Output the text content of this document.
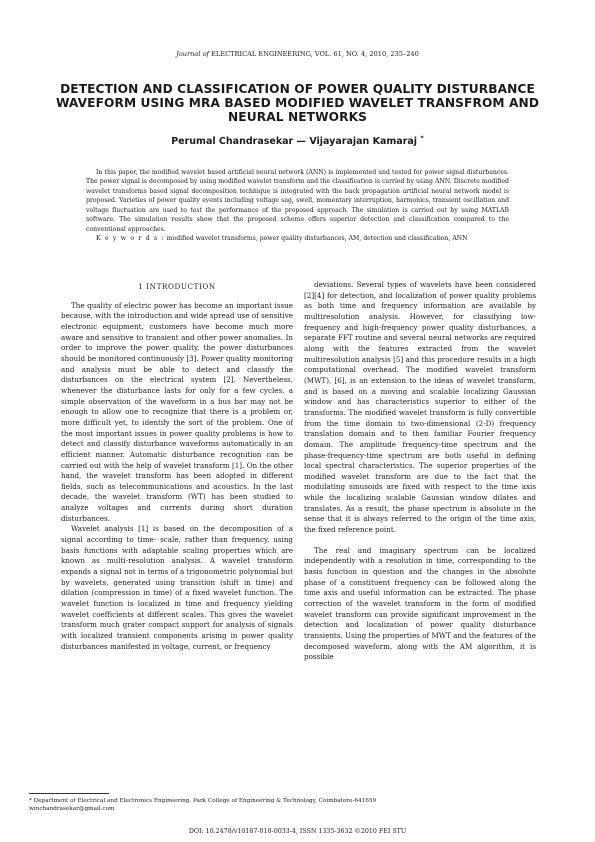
Journal of ELECTRICAL ENGINEERING, VOL. 61, NO. 4, 2010, 235–240
DETECTION AND CLASSIFICATION OF POWER QUALITY DISTURBANCE WAVEFORM USING MRA BASED MODIFIED WAVELET TRANSFROM AND NEURAL NETWORKS
Perumal Chandrasekar — Vijayarajan Kamaraj *

In this paper, the modified wavelet based artificial neural network (ANN) is implemented and tested for power signal disturbances. The power signal is decomposed by using modified wavelet transform and the classification is carried by using ANN. Discrete modified wavelet transforms based signal decomposition technique is integrated with the back propagation artificial neural network model is proposed. Varieties of power quality events including voltage sag, swell, momentary interruption, harmonics, transient oscillation and voltage fluctuation are used to test the performance of the proposed approach. The simulation is carried out by using MATLAB software. The simulation results show that the proposed scheme offers superior detection and classification compared to the conventional approaches.

K e y w o r d s : modified wavelet transforms, power quality disturbances, AM, detection and classification, ANN

1 INTRODUCTION

The quality of electric power has become an important issue because, with the introduction and wide spread use of sensitive electronic equipment, customers have become much more aware and sensitive to transient and other power anomalies. In order to improve the power quality, the power disturbances should be monitored continuously [3]. Power quality monitoring and analysis must be able to detect and classify the disturbances on the electrical system [2]. Nevertheless, whenever the disturbance lasts for only for a few cycles, a simple observation of the waveform in a bus bar may not be enough to allow one to recognize that there is a problem or, more difficult yet, to identify the sort of the problem. One of the most important issues in power quality problems is how to detect and classify disturbance waveforms automatically in an efficient manner. Automatic disturbance recognition can be carried out with the help of wavelet transform [1]. On the other hand, the wavelet transform has been adopted in different fields, such as telecommunications and acoustics. In the last decade, the wavelet transform (WT) has been studied to analyze voltages and currents during short duration disturbances.

Wavelet analysis [1] is based on the decomposition of a signal according to time- scale, rather than frequency, using basis functions with adaptable scaling properties which are known as multi-resolution analysis. A wavelet transform expands a signal not in terms of a trigonometric polynomial but by wavelets, generated using transition (shift in time) and dilation (compression in time) of a fixed wavelet function. The wavelet function is localized in time and frequency yielding wavelet coefficients at different scales. This gives the wavelet transform much grater compact support for analysis of signals with localized transient components arising in power quality disturbances manifested in voltage, current, or frequency

deviations. Several types of wavelets have been considered [2][4] for detection, and localization of power quality problems as both time and frequency information are available by multiresolution analysis. However, for classifying low-frequency and high-frequency power quality disturbances, a separate FFT routine and several neural networks are required along with the features extracted from the wavelet multiresolution analysis [5] and this procedure results in a high computational overhead. The modified wavelet transform (MWT), [6], is an extension to the ideas of wavelet transform, and is based on a moving and scalable localizing Gaussian window and has characteristics superior to either of the transforms. The modified wavelet transform is fully convertible from the time domain to two-dimensional (2-D) frequency translation domain and to then familiar Fourier frequency domain. The amplitude frequency-time spectrum and the phase-frequency-time spectrum are both useful in defining local spectral characteristics. The superior properties of the modified wavelet transform are due to the fact that the modulating sinusoids are fixed with respect to the time axis while the localizing scalable Gaussian window dilates and translates. As a result, the phase spectrum is absolute in the sense that it is always referred to the origin of the time axis, the fixed reference point.

The real and imaginary spectrum can be localized independently with a resolution in time, corresponding to the basis function in question and the changes in the absolute phase of a constituent frequency can be followed along the time axis and useful information can be extracted. The phase correction of the wavelet transform in the form of modified wavelet transform can provide significant improvement in the detection and localization of power quality disturbance transients. Using the properties of MWT and the features of the decomposed waveform, along with the AM algorithm, it is possible

* Department of Electrical and Electronics Engineering, Park College of Engineering & Technology, Coimbatore-641659
winchandrasekar@gmail.com
DOI: 10.2478/v10187-010-0033-4, ISSN 1335-3632 ©2010 FEI STU
